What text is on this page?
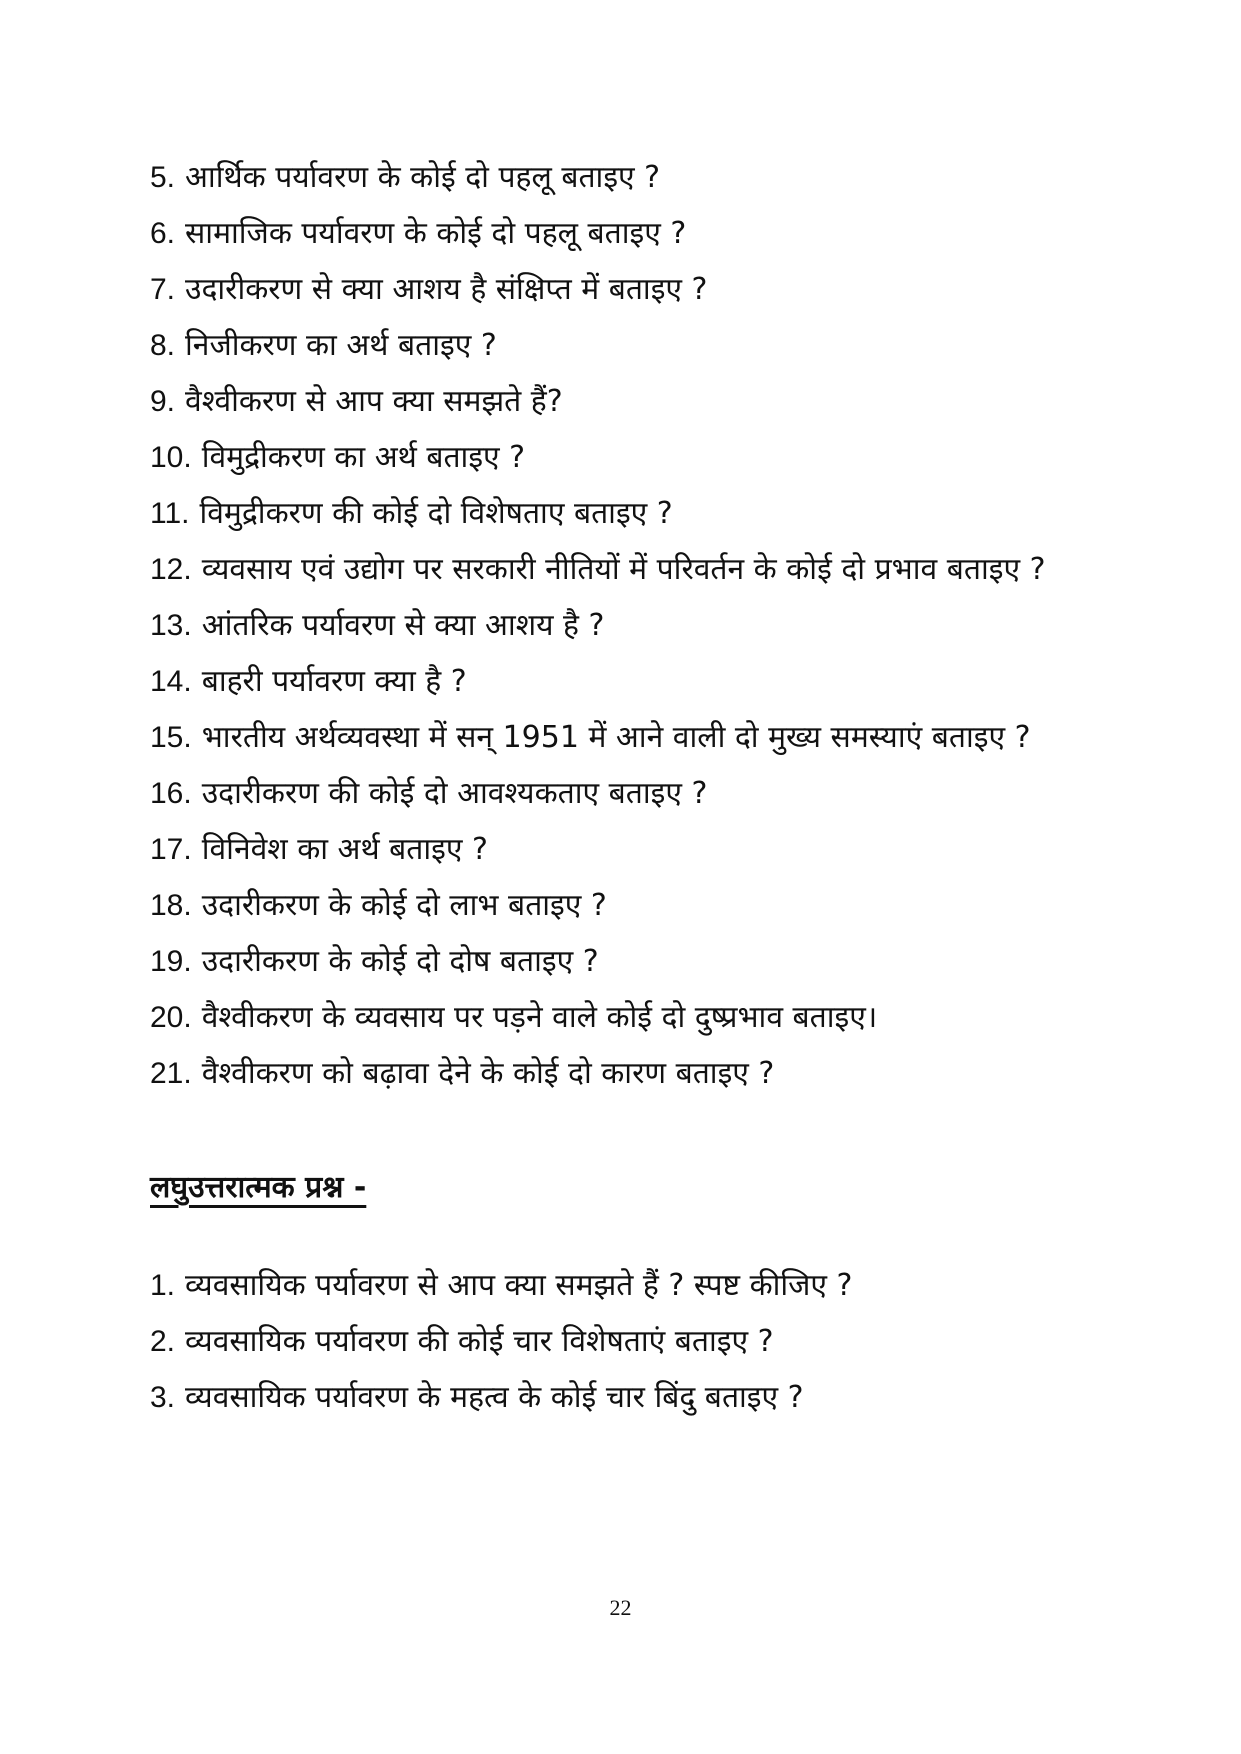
5. आर्थिक पर्यावरण के कोई दो पहलू बताइए ?
6. सामाजिक पर्यावरण के कोई दो पहलू बताइए ?
7. उदारीकरण से क्या आशय है संक्षिप्त में बताइए ?
8. निजीकरण का अर्थ बताइए ?
9. वैश्वीकरण से आप क्या समझते हैं?
10. विमुद्रीकरण का अर्थ बताइए ?
11. विमुद्रीकरण की कोई दो विशेषताए बताइए ?
12. व्यवसाय एवं उद्योग पर सरकारी नीतियों में परिवर्तन के कोई दो प्रभाव बताइए ?
13. आंतरिक पर्यावरण से क्या आशय है ?
14. बाहरी पर्यावरण क्या है ?
15. भारतीय अर्थव्यवस्था में सन् 1951 में आने वाली दो मुख्य समस्याएं बताइए ?
16. उदारीकरण की कोई दो आवश्यकताए बताइए ?
17. विनिवेश का अर्थ बताइए ?
18. उदारीकरण के कोई दो लाभ बताइए ?
19. उदारीकरण के कोई दो दोष बताइए ?
20. वैश्वीकरण के व्यवसाय पर पड़ने वाले कोई दो दुष्प्रभाव बताइए।
21. वैश्वीकरण को बढ़ावा देने के कोई दो कारण बताइए ?
लघुउत्तरात्मक प्रश्न -
1. व्यवसायिक पर्यावरण से आप क्या समझते हैं ? स्पष्ट कीजिए ?
2. व्यवसायिक पर्यावरण की कोई चार विशेषताएं बताइए ?
3. व्यवसायिक पर्यावरण के महत्व के कोई चार बिंदु बताइए ?
22
